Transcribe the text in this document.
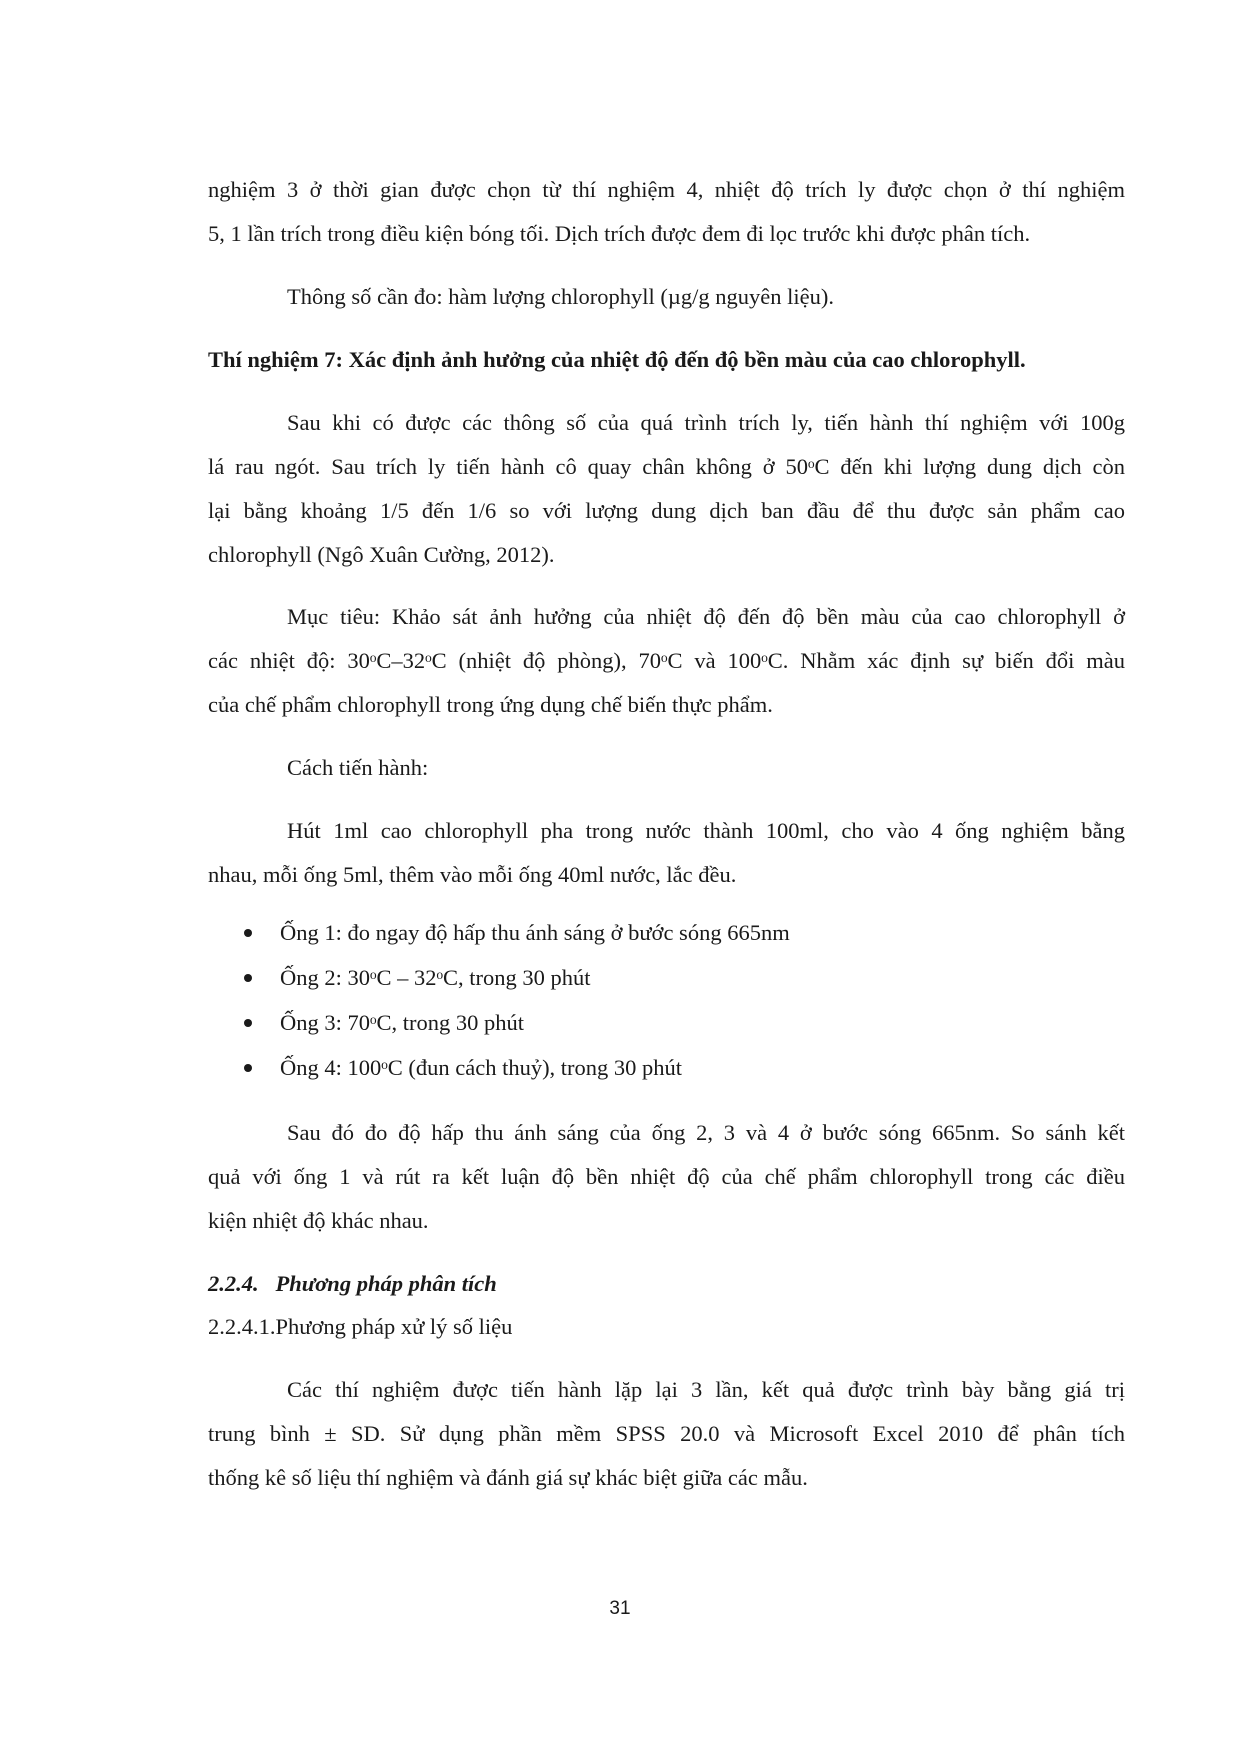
nghiệm 3 ở thời gian được chọn từ thí nghiệm 4, nhiệt độ trích ly được chọn ở thí nghiệm
5, 1 lần trích trong điều kiện bóng tối. Dịch trích được đem đi lọc trước khi được phân tích.
Thông số cần đo: hàm lượng chlorophyll (µg/g nguyên liệu).
Thí nghiệm 7: Xác định ảnh hưởng của nhiệt độ đến độ bền màu của cao chlorophyll.
Sau khi có được các thông số của quá trình trích ly, tiến hành thí nghiệm với 100g
lá rau ngót. Sau trích ly tiến hành cô quay chân không ở 50ᵒC đến khi lượng dung dịch còn
lại bằng khoảng 1/5 đến 1/6 so với lượng dung dịch ban đầu để thu được sản phẩm cao
chlorophyll (Ngô Xuân Cường, 2012).
Mục tiêu: Khảo sát ảnh hưởng của nhiệt độ đến độ bền màu của cao chlorophyll ở
các nhiệt độ: 30ᵒC–32ᵒC (nhiệt độ phòng), 70ᵒC và 100ᵒC. Nhằm xác định sự biến đổi màu
của chế phẩm chlorophyll trong ứng dụng chế biến thực phẩm.
Cách tiến hành:
Hút 1ml cao chlorophyll pha trong nước thành 100ml, cho vào 4 ống nghiệm bằng
nhau, mỗi ống 5ml, thêm vào mỗi ống 40ml nước, lắc đều.
Ống 1: đo ngay độ hấp thu ánh sáng ở bước sóng 665nm
Ống 2: 30ᵒC – 32ᵒC, trong 30 phút
Ống 3: 70ᵒC, trong 30 phút
Ống 4: 100ᵒC (đun cách thuỷ), trong 30 phút
Sau đó đo độ hấp thu ánh sáng của ống 2, 3 và 4 ở bước sóng 665nm. So sánh kết
quả với ống 1 và rút ra kết luận độ bền nhiệt độ của chế phẩm chlorophyll trong các điều
kiện nhiệt độ khác nhau.
2.2.4.   Phương pháp phân tích
2.2.4.1.Phương pháp xử lý số liệu
Các thí nghiệm được tiến hành lặp lại 3 lần, kết quả được trình bày bằng giá trị
trung bình ± SD. Sử dụng phần mềm SPSS 20.0 và Microsoft Excel 2010 để phân tích
thống kê số liệu thí nghiệm và đánh giá sự khác biệt giữa các mẫu.
31
